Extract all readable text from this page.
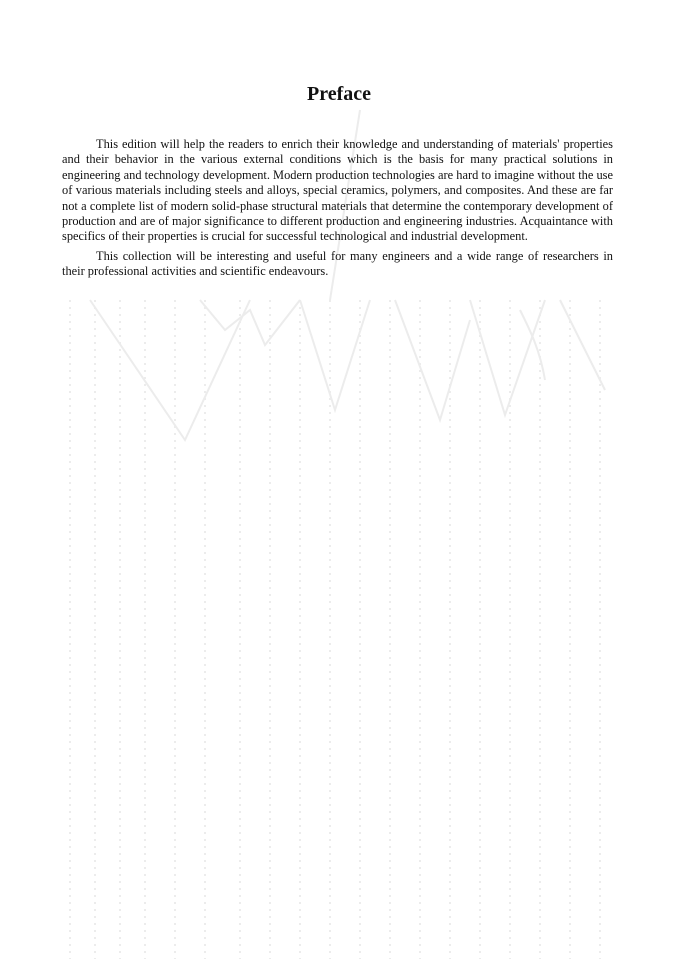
Preface

This edition will help the readers to enrich their knowledge and understanding of materials' properties and their behavior in the various external conditions which is the basis for many practical solutions in engineering and technology development. Modern production technologies are hard to imagine without the use of various materials including steels and alloys, special ceramics, polymers, and composites. And these are far not a complete list of modern solid-phase structural materials that determine the contemporary development of production and are of major significance to different production and engineering industries. Acquaintance with specifics of their properties is crucial for successful technological and industrial development.

This collection will be interesting and useful for many engineers and a wide range of researchers in their professional activities and scientific endeavours.
